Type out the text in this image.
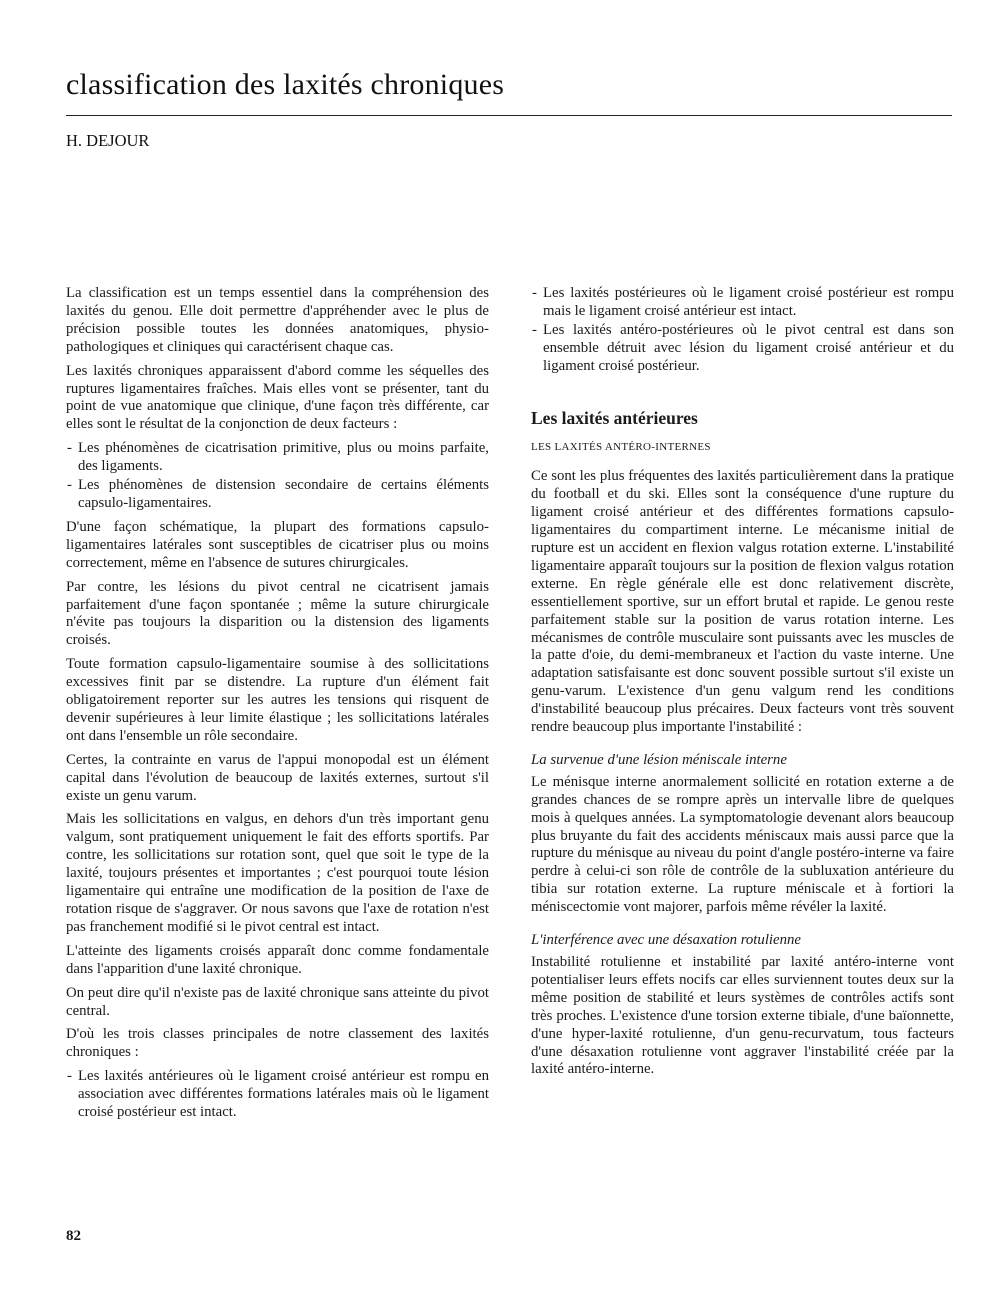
classification des laxités chroniques

H. DEJOUR

La classification est un temps essentiel dans la compréhension des laxités du genou. Elle doit permettre d'appréhender avec le plus de précision possible toutes les données anatomiques, physio-pathologiques et cliniques qui caractérisent chaque cas.

Les laxités chroniques apparaissent d'abord comme les séquelles des ruptures ligamentaires fraîches. Mais elles vont se présenter, tant du point de vue anatomique que clinique, d'une façon très différente, car elles sont le résultat de la conjonction de deux facteurs :

- Les phénomènes de cicatrisation primitive, plus ou moins parfaite, des ligaments.
- Les phénomènes de distension secondaire de certains éléments capsulo-ligamentaires.

D'une façon schématique, la plupart des formations capsulo-ligamentaires latérales sont susceptibles de cicatriser plus ou moins correctement, même en l'absence de sutures chirurgicales.

Par contre, les lésions du pivot central ne cicatrisent jamais parfaitement d'une façon spontanée ; même la suture chirurgicale n'évite pas toujours la disparition ou la distension des ligaments croisés.

Toute formation capsulo-ligamentaire soumise à des sollicitations excessives finit par se distendre. La rupture d'un élément fait obligatoirement reporter sur les autres les tensions qui risquent de devenir supérieures à leur limite élastique ; les sollicitations latérales ont dans l'ensemble un rôle secondaire.

Certes, la contrainte en varus de l'appui monopodal est un élément capital dans l'évolution de beaucoup de laxités externes, surtout s'il existe un genu varum.

Mais les sollicitations en valgus, en dehors d'un très important genu valgum, sont pratiquement uniquement le fait des efforts sportifs. Par contre, les sollicitations sur rotation sont, quel que soit le type de la laxité, toujours présentes et importantes ; c'est pourquoi toute lésion ligamentaire qui entraîne une modification de la position de l'axe de rotation risque de s'aggraver. Or nous savons que l'axe de rotation n'est pas franchement modifié si le pivot central est intact.

L'atteinte des ligaments croisés apparaît donc comme fondamentale dans l'apparition d'une laxité chronique.

On peut dire qu'il n'existe pas de laxité chronique sans atteinte du pivot central.

D'où les trois classes principales de notre classement des laxités chroniques :

- Les laxités antérieures où le ligament croisé antérieur est rompu en association avec différentes formations latérales mais où le ligament croisé postérieur est intact.
- Les laxités postérieures où le ligament croisé postérieur est rompu mais le ligament croisé antérieur est intact.
- Les laxités antéro-postérieures où le pivot central est dans son ensemble détruit avec lésion du ligament croisé antérieur et du ligament croisé postérieur.
Les laxités antérieures
LES LAXITÉS ANTÉRO-INTERNES

Ce sont les plus fréquentes des laxités particulièrement dans la pratique du football et du ski. Elles sont la conséquence d'une rupture du ligament croisé antérieur et des différentes formations capsulo-ligamentaires du compartiment interne. Le mécanisme initial de rupture est un accident en flexion valgus rotation externe. L'instabilité ligamentaire apparaît toujours sur la position de flexion valgus rotation externe. En règle générale elle est donc relativement discrète, essentiellement sportive, sur un effort brutal et rapide. Le genou reste parfaitement stable sur la position de varus rotation interne. Les mécanismes de contrôle musculaire sont puissants avec les muscles de la patte d'oie, du demi-membraneux et l'action du vaste interne. Une adaptation satisfaisante est donc souvent possible surtout s'il existe un genu-varum. L'existence d'un genu valgum rend les conditions d'instabilité beaucoup plus précaires. Deux facteurs vont très souvent rendre beaucoup plus importante l'instabilité :

La survenue d'une lésion méniscale interne

Le ménisque interne anormalement sollicité en rotation externe a de grandes chances de se rompre après un intervalle libre de quelques mois à quelques années. La symptomatologie devenant alors beaucoup plus bruyante du fait des accidents méniscaux mais aussi parce que la rupture du ménisque au niveau du point d'angle postéro-interne va faire perdre à celui-ci son rôle de contrôle de la subluxation antérieure du tibia sur rotation externe. La rupture méniscale et à fortiori la méniscectomie vont majorer, parfois même révéler la laxité.

L'interférence avec une désaxation rotulienne

Instabilité rotulienne et instabilité par laxité antéro-interne vont potentialiser leurs effets nocifs car elles surviennent toutes deux sur la même position de stabilité et leurs systèmes de contrôles actifs sont très proches. L'existence d'une torsion externe tibiale, d'une baïonnette, d'une hyper-laxité rotulienne, d'un genu-recurvatum, tous facteurs d'une désaxation rotulienne vont aggraver l'instabilité créée par la laxité antéro-interne.

82
